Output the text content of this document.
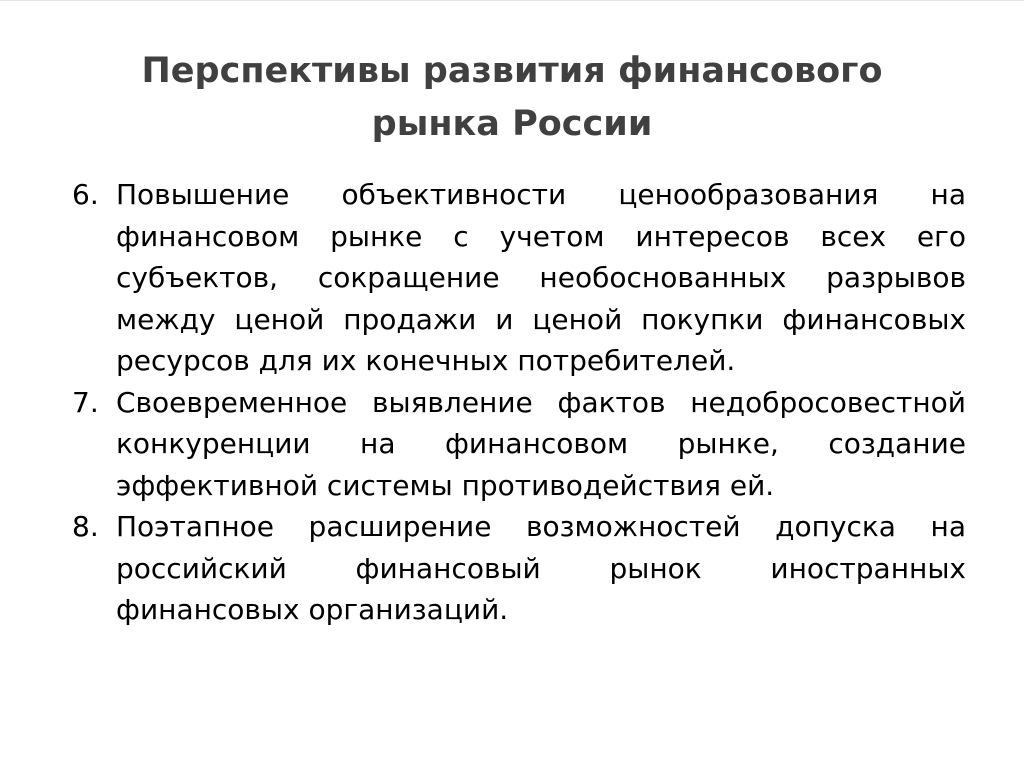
Перспективы развития финансового
рынка России
6. Повышение объективности ценообразования на финансовом рынке с учетом интересов всех его субъектов, сокращение необоснованных разрывов между ценой продажи и ценой покупки финансовых ресурсов для их конечных потребителей.
7. Своевременное выявление фактов недобросовестной конкуренции на финансовом рынке, создание эффективной системы противодействия ей.
8. Поэтапное расширение возможностей допуска на российский финансовый рынок иностранных финансовых организаций.
